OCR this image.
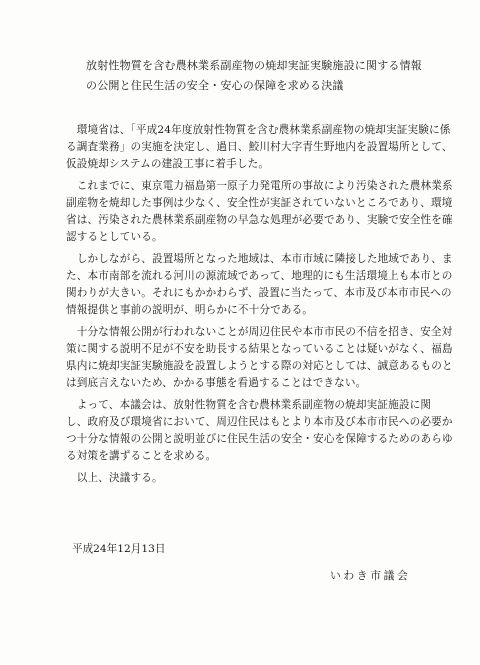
放射性物質を含む農林業系副産物の焼却実証実験施設に関する情報
の公開と住民生活の安全・安心の保障を求める決議

　環境省は、「平成24年度放射性物質を含む農林業系副産物の焼却実証実験に係
る調査業務」の実施を決定し、過日、鮫川村大字青生野地内を設置場所として、
仮設焼却システムの建設工事に着手した。

　これまでに、東京電力福島第一原子力発電所の事故により汚染された農林業系
副産物を焼却した事例は少なく、安全性が実証されていないところであり、環境
省は、汚染された農林業系副産物の早急な処理が必要であり、実験で安全性を確
認するとしている。

　しかしながら、設置場所となった地域は、本市市域に隣接した地域であり、ま
た、本市南部を流れる河川の源流域であって、地理的にも生活環境上も本市との
関わりが大きい。それにもかかわらず、設置に当たって、本市及び本市市民への
情報提供と事前の説明が、明らかに不十分である。

　十分な情報公開が行われないことが周辺住民や本市市民の不信を招き、安全対
策に関する説明不足が不安を助長する結果となっていることは疑いがなく、福島
県内に焼却実証実験施設を設置しようとする際の対応としては、誠意あるものと
は到底言えないため、かかる事態を看過することはできない。

　よって、本議会は、放射性物質を含む農林業系副産物の焼却実証施設に関
し、政府及び環境省において、周辺住民はもとより本市及び本市市民への必要か
つ十分な情報の公開と説明並びに住民生活の安全・安心を保障するためのあらゆ
る対策を講ずることを求める。

　以上、決議する。

平成24年12月13日
いわき市議会
